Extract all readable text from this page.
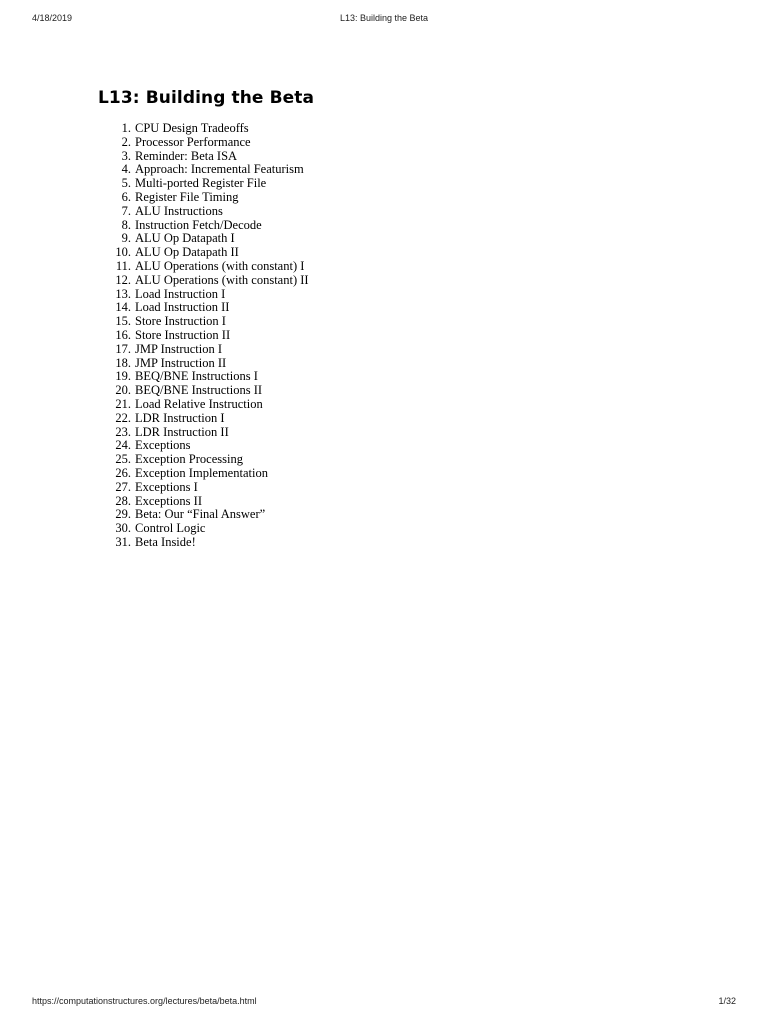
4/18/2019	L13: Building the Beta
L13: Building the Beta
1. CPU Design Tradeoffs
2. Processor Performance
3. Reminder: Beta ISA
4. Approach: Incremental Featurism
5. Multi-ported Register File
6. Register File Timing
7. ALU Instructions
8. Instruction Fetch/Decode
9. ALU Op Datapath I
10. ALU Op Datapath II
11. ALU Operations (with constant) I
12. ALU Operations (with constant) II
13. Load Instruction I
14. Load Instruction II
15. Store Instruction I
16. Store Instruction II
17. JMP Instruction I
18. JMP Instruction II
19. BEQ/BNE Instructions I
20. BEQ/BNE Instructions II
21. Load Relative Instruction
22. LDR Instruction I
23. LDR Instruction II
24. Exceptions
25. Exception Processing
26. Exception Implementation
27. Exceptions I
28. Exceptions II
29. Beta: Our “Final Answer”
30. Control Logic
31. Beta Inside!
https://computationstructures.org/lectures/beta/beta.html	1/32
